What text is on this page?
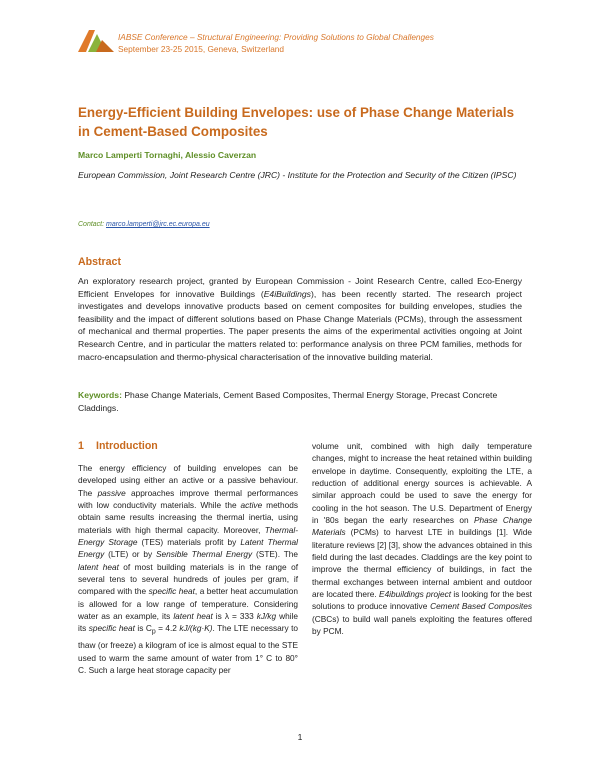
IABSE Conference – Structural Engineering: Providing Solutions to Global Challenges
September 23-25 2015, Geneva, Switzerland
Energy-Efficient Building Envelopes: use of Phase Change Materials in Cement-Based Composites
Marco Lamperti Tornaghi, Alessio Caverzan
European Commission, Joint Research Centre (JRC) - Institute for the Protection and Security of the Citizen (IPSC)
Contact: marco.lamperti@jrc.ec.europa.eu
Abstract
An exploratory research project, granted by European Commission - Joint Research Centre, called Eco-Energy Efficient Envelopes for innovative Buildings (E4iBuildings), has been recently started. The research project investigates and develops innovative products based on cement composites for building envelopes, studies the feasibility and the impact of different solutions based on Phase Change Materials (PCMs), through the assessment of mechanical and thermal properties. The paper presents the aims of the experimental activities ongoing at Joint Research Centre, and in particular the matters related to: performance analysis on three PCM families, methods for macro-encapsulation and thermo-physical characterisation of the innovative building material.
Keywords: Phase Change Materials, Cement Based Composites, Thermal Energy Storage, Precast Concrete Claddings.
1 Introduction
The energy efficiency of building envelopes can be developed using either an active or a passive behaviour. The passive approaches improve thermal performances with low conductivity materials. While the active methods obtain same results increasing the thermal inertia, using materials with high thermal capacity. Moreover, Thermal-Energy Storage (TES) materials profit by Latent Thermal Energy (LTE) or by Sensible Thermal Energy (STE). The latent heat of most building materials is in the range of several tens to several hundreds of joules per gram, if compared with the specific heat, a better heat accumulation is allowed for a low range of temperature. Considering water as an example, its latent heat is λ = 333 kJ/kg while its specific heat is $C_p = 4.2$ kJ/(kg·K). The LTE necessary to thaw (or freeze) a kilogram of ice is almost equal to the STE used to warm the same amount of water from 1° C to 80° C. Such a large heat storage capacity per
volume unit, combined with high daily temperature changes, might to increase the heat retained within building envelope in daytime. Consequently, exploiting the LTE, a reduction of additional energy sources is achievable. A similar approach could be used to save the energy for cooling in the hot season. The U.S. Department of Energy in '80s began the early researches on Phase Change Materials (PCMs) to harvest LTE in buildings [1]. Wide literature reviews [2] [3], show the advances obtained in this field during the last decades. Claddings are the key point to improve the thermal efficiency of buildings, in fact the thermal exchanges between internal ambient and outdoor are located there. E4ibuildings project is looking for the best solutions to produce innovative Cement Based Composites (CBCs) to build wall panels exploiting the features offered by PCM.
1
